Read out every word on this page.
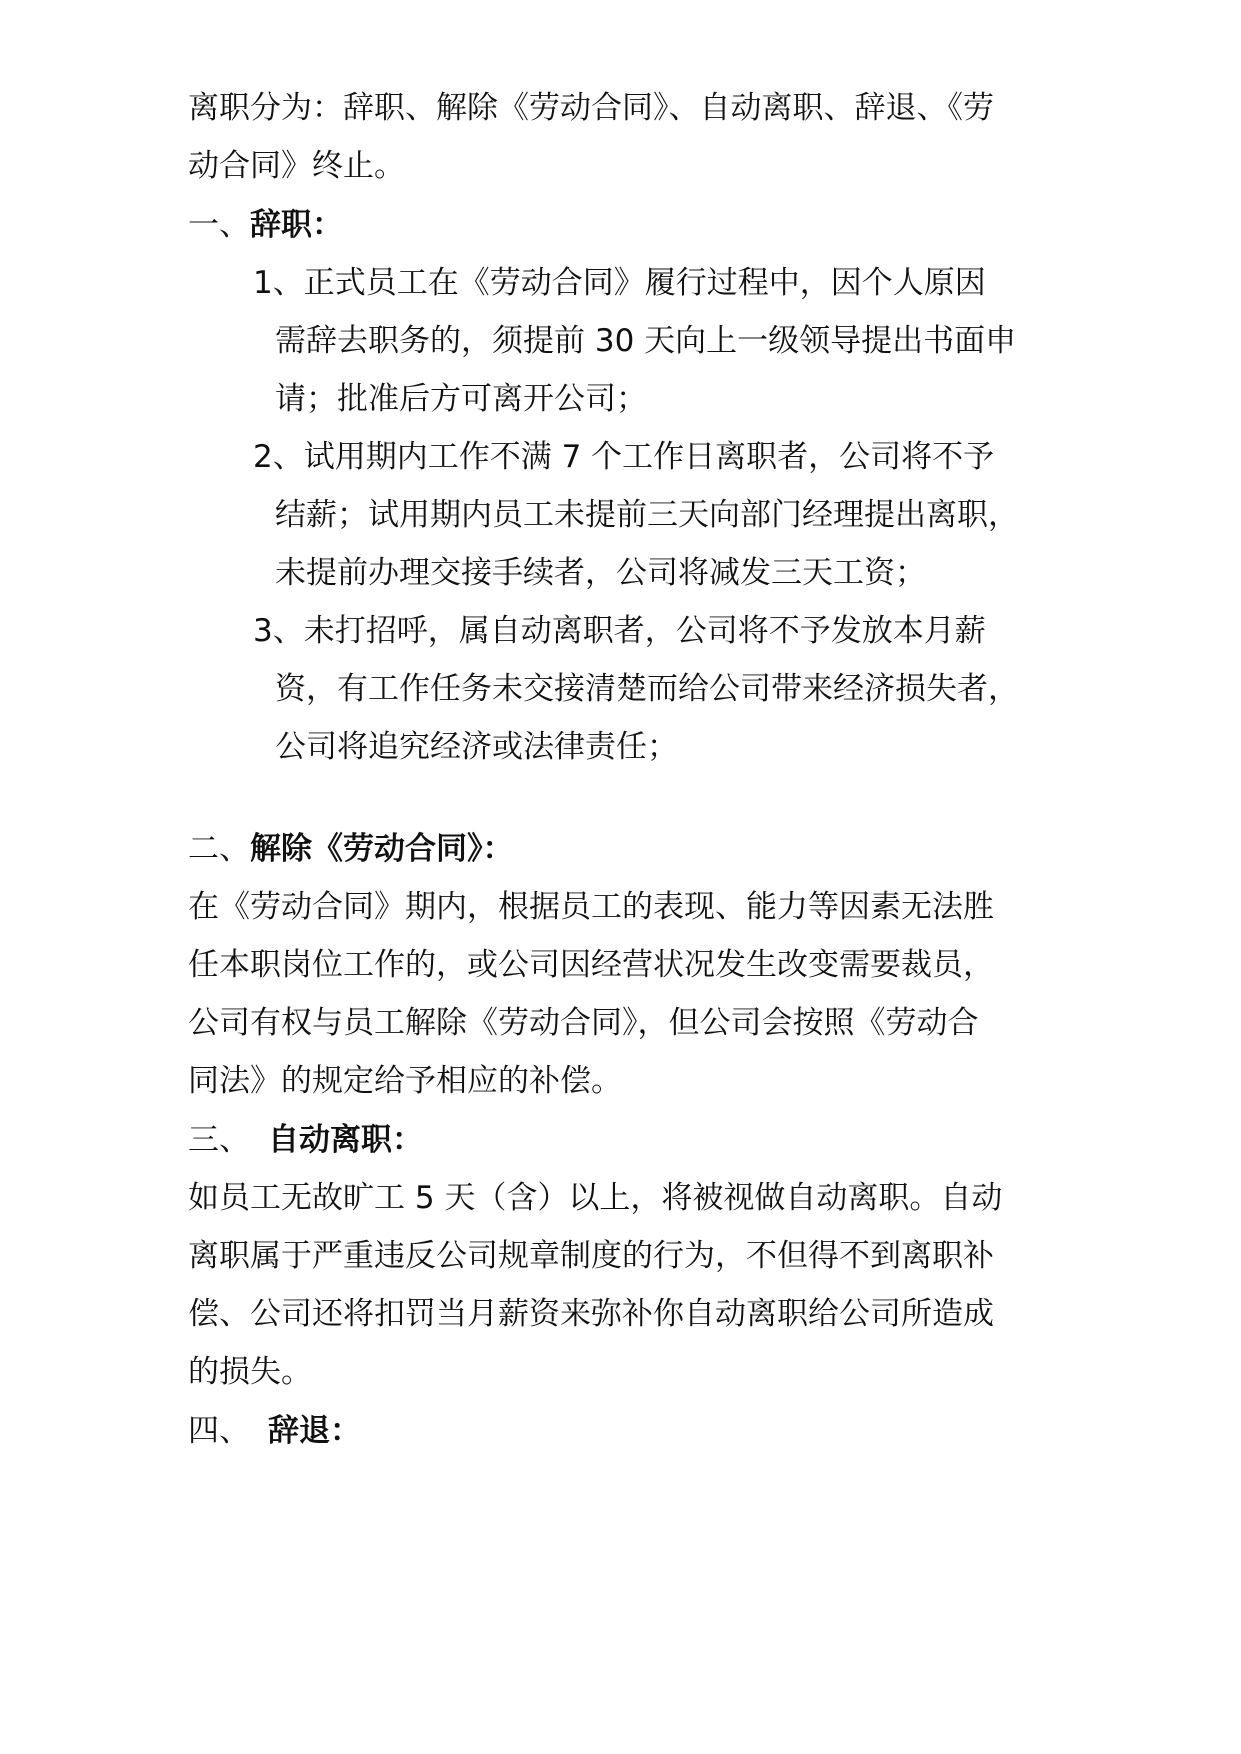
离职分为：辞职、解除《劳动合同》、自动离职、辞退、《劳
动合同》终止。
一、辞职：
1、正式员工在《劳动合同》履行过程中，因个人原因
需辞去职务的，须提前 30 天向上一级领导提出书面申
请；批准后方可离开公司；
2、试用期内工作不满 7 个工作日离职者，公司将不予
结薪；试用期内员工未提前三天向部门经理提出离职，
未提前办理交接手续者，公司将减发三天工资；
3、未打招呼，属自动离职者，公司将不予发放本月薪
资，有工作任务未交接清楚而给公司带来经济损失者，
公司将追究经济或法律责任；
二、解除《劳动合同》：
在《劳动合同》期内，根据员工的表现、能力等因素无法胜
任本职岗位工作的，或公司因经营状况发生改变需要裁员，
公司有权与员工解除《劳动合同》，但公司会按照《劳动合
同法》的规定给予相应的补偿。
三、 自动离职：
如员工无故旷工 5 天（含）以上，将被视做自动离职。自动
离职属于严重违反公司规章制度的行为，不但得不到离职补
偿、公司还将扣罚当月薪资来弥补你自动离职给公司所造成
的损失。
四、 辞退：
